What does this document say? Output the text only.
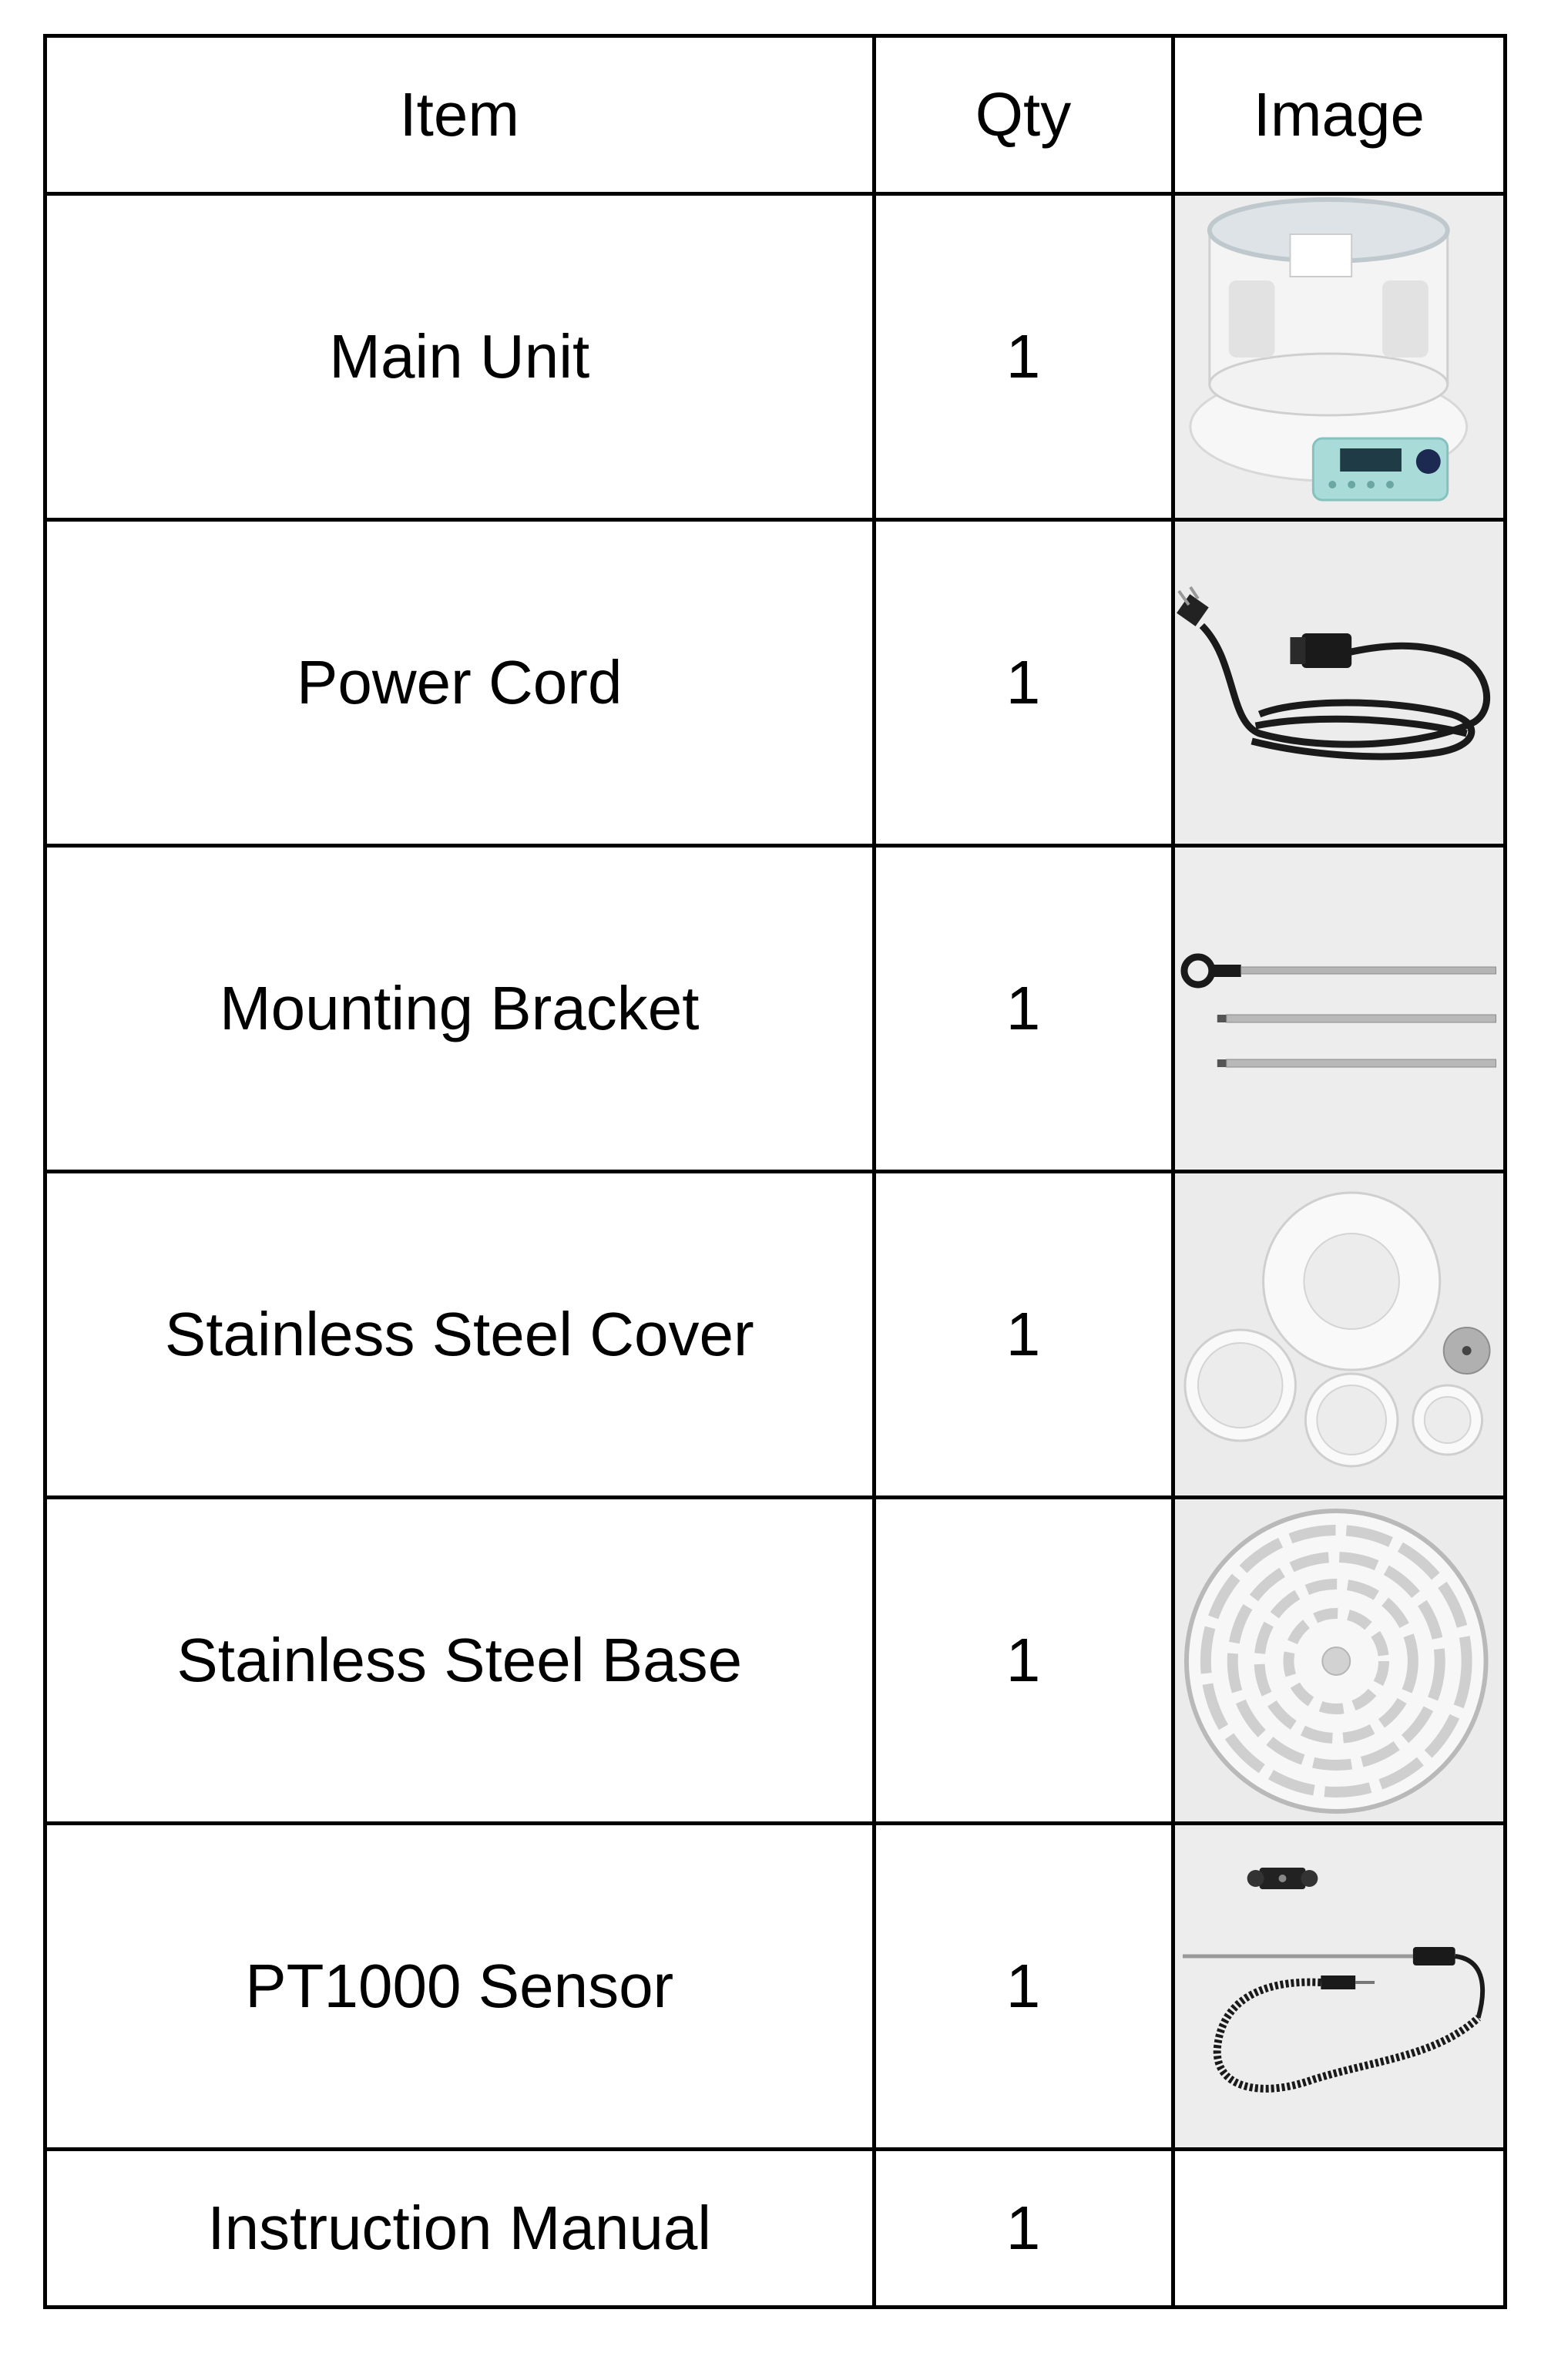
Item	Qty	Image
Main Unit	1	

Power Cord	1	

Mounting Bracket	1	

Stainless Steel Cover	1	

Stainless Steel Base	1	

PT1000 Sensor	1	

Instruction Manual	1	
